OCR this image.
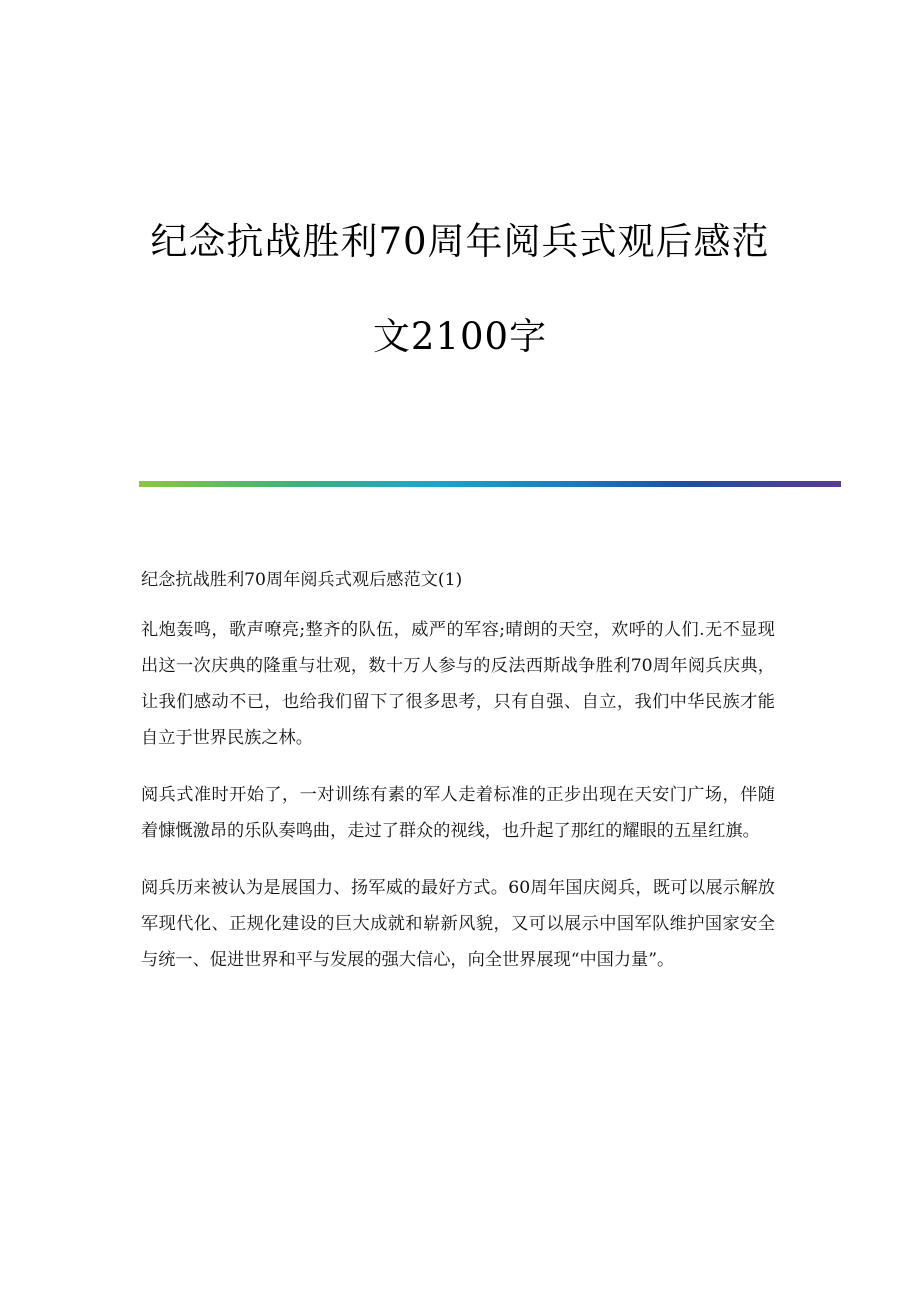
纪念抗战胜利70周年阅兵式观后感范
文2100字

纪念抗战胜利70周年阅兵式观后感范文(1)

礼炮轰鸣，歌声嘹亮;整齐的队伍，威严的军容;晴朗的天空，欢呼的人们.无不显现出这一次庆典的隆重与壮观，数十万人参与的反法西斯战争胜利70周年阅兵庆典，让我们感动不已，也给我们留下了很多思考，只有自强、自立，我们中华民族才能自立于世界民族之林。

阅兵式准时开始了，一对训练有素的军人走着标准的正步出现在天安门广场，伴随着慷慨激昂的乐队奏鸣曲，走过了群众的视线，也升起了那红的耀眼的五星红旗。

阅兵历来被认为是展国力、扬军威的最好方式。60周年国庆阅兵，既可以展示解放军现代化、正规化建设的巨大成就和崭新风貌，又可以展示中国军队维护国家安全与统一、促进世界和平与发展的强大信心，向全世界展现“中国力量”。
